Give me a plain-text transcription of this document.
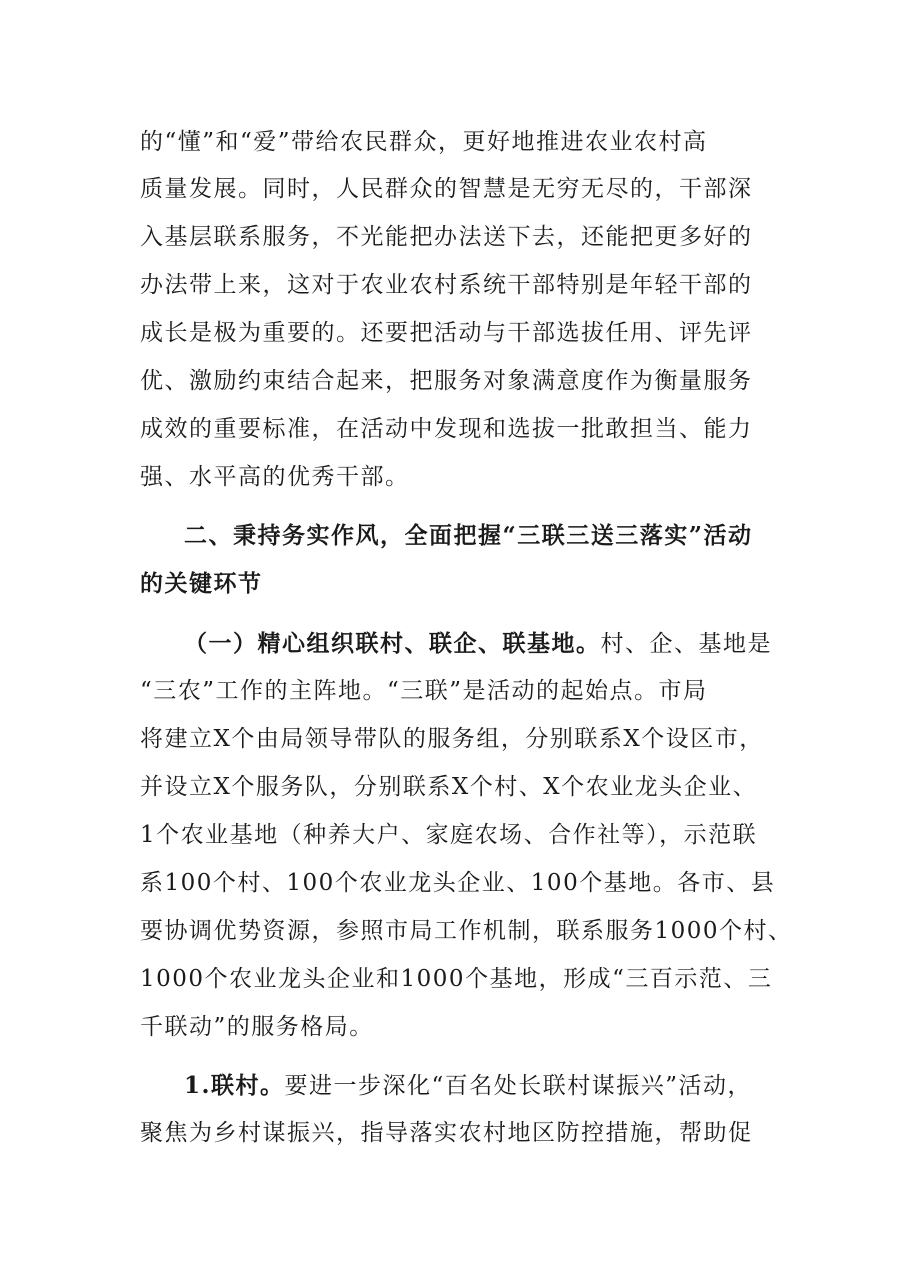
的“懂”和“爱”带给农民群众，更好地推进农业农村高
质量发展。同时，人民群众的智慧是无穷无尽的，干部深
入基层联系服务，不光能把办法送下去，还能把更多好的
办法带上来，这对于农业农村系统干部特别是年轻干部的
成长是极为重要的。还要把活动与干部选拔任用、评先评
优、激励约束结合起来，把服务对象满意度作为衡量服务
成效的重要标准，在活动中发现和选拔一批敢担当、能力
强、水平高的优秀干部。
二、秉持务实作风，全面把握“三联三送三落实”活动
的关键环节
（一）精心组织联村、联企、联基地。村、企、基地是
“三农”工作的主阵地。“三联”是活动的起始点。市局
将建立X个由局领导带队的服务组，分别联系X个设区市，
并设立X个服务队，分别联系X个村、X个农业龙头企业、
1个农业基地（种养大户、家庭农场、合作社等），示范联
系100个村、100个农业龙头企业、100个基地。各市、县
要协调优势资源，参照市局工作机制，联系服务1000个村、
1000个农业龙头企业和1000个基地，形成“三百示范、三
千联动”的服务格局。
1.联村。要进一步深化“百名处长联村谋振兴”活动，
聚焦为乡村谋振兴，指导落实农村地区防控措施，帮助促
